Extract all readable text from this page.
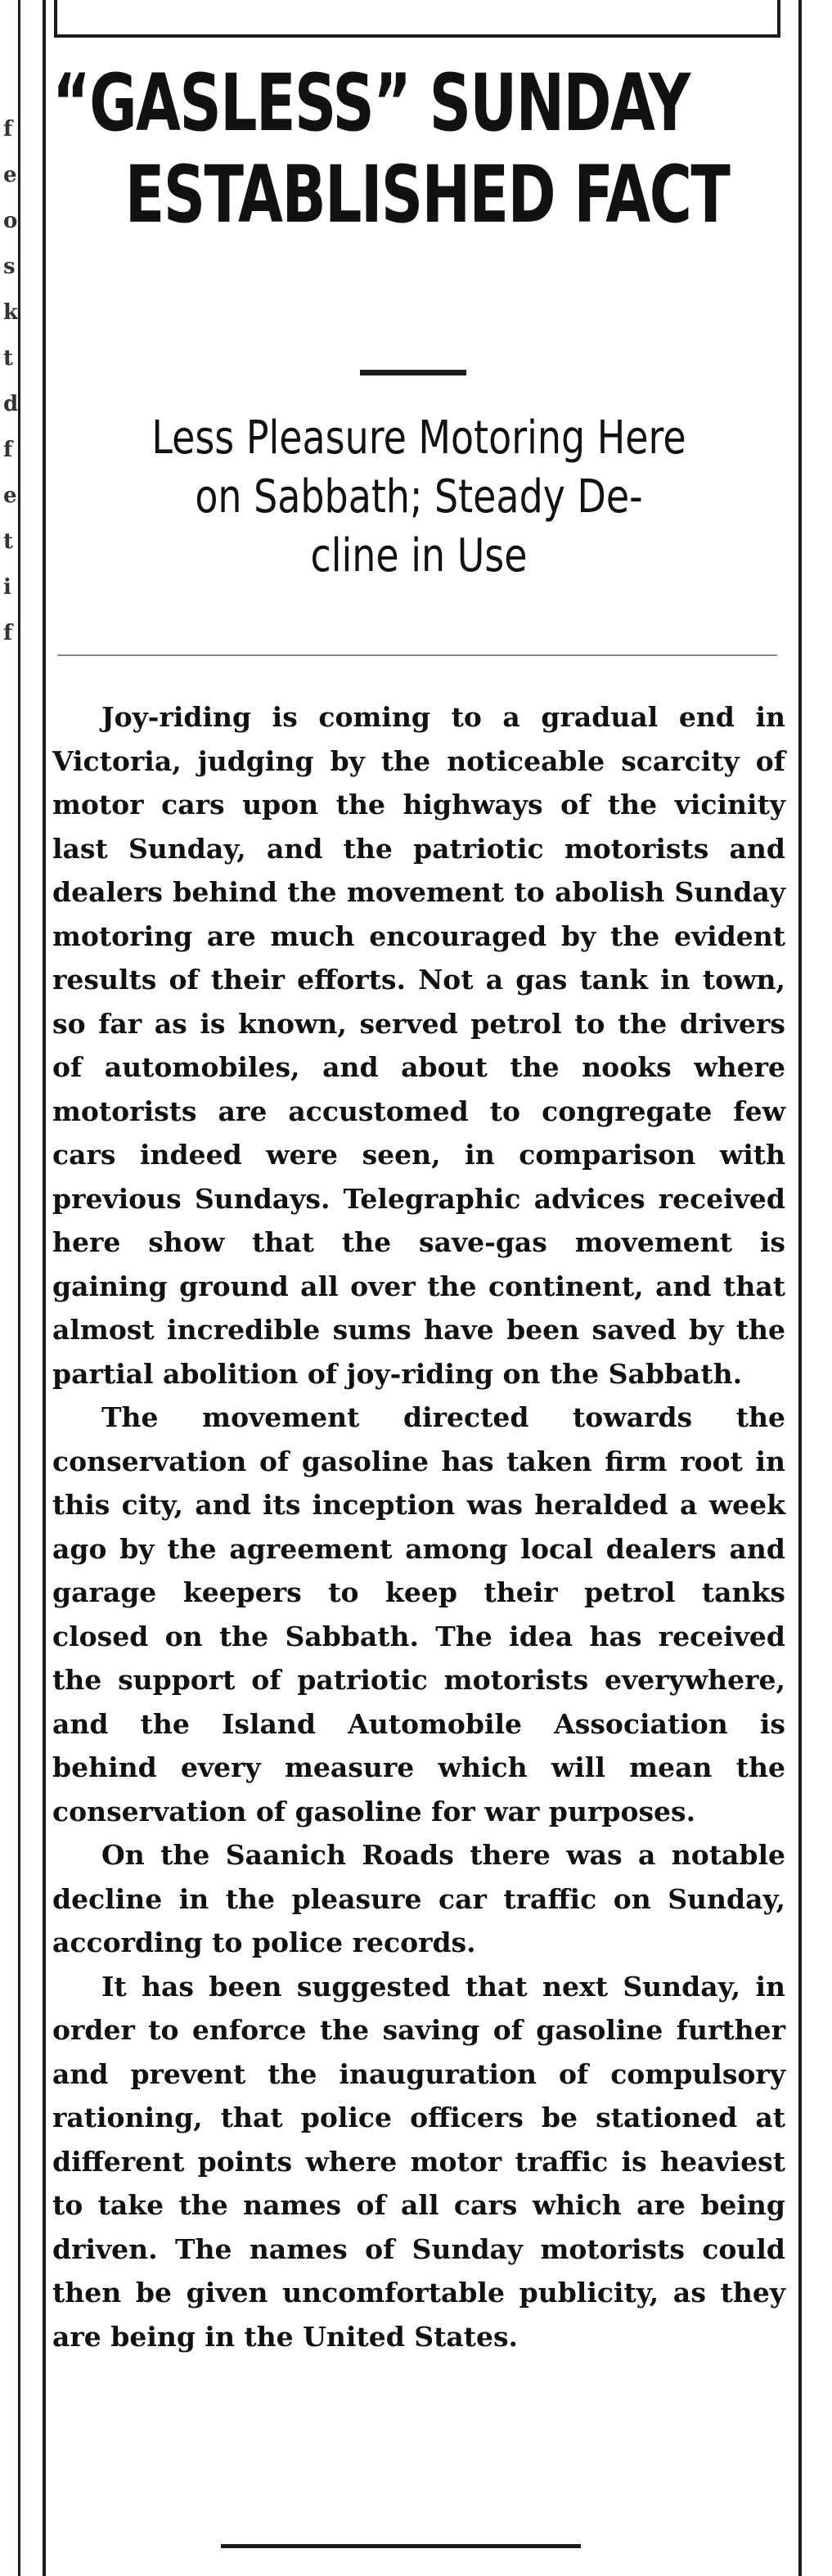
f
e
o
s
k
t
d
f
e
t
i
f
“GASLESS” SUNDAY
ESTABLISHED FACT
Less Pleasure Motoring Here
on Sabbath; Steady De-
cline in Use

Joy-riding is coming to a gradual end in Victoria, judging by the noticeable scarcity of motor cars upon the highways of the vicinity last Sunday, and the patriotic motorists and dealers behind the movement to abolish Sunday motoring are much encouraged by the evident results of their efforts. Not a gas tank in town, so far as is known, served petrol to the drivers of automobiles, and about the nooks where motorists are accustomed to congregate few cars indeed were seen, in comparison with previous Sundays. Telegraphic advices received here show that the save-gas movement is gaining ground all over the continent, and that almost incredible sums have been saved by the partial abolition of joy-riding on the Sabbath.

The movement directed towards the conservation of gasoline has taken firm root in this city, and its inception was heralded a week ago by the agreement among local dealers and garage keepers to keep their petrol tanks closed on the Sabbath. The idea has received the support of patriotic motorists everywhere, and the Island Automobile Association is behind every measure which will mean the conservation of gasoline for war purposes.

On the Saanich Roads there was a notable decline in the pleasure car traffic on Sunday, according to police records.

It has been suggested that next Sunday, in order to enforce the saving of gasoline further and prevent the inauguration of compulsory rationing, that police officers be stationed at different points where motor traffic is heaviest to take the names of all cars which are being driven. The names of Sunday motorists could then be given uncomfortable publicity, as they are being in the United States.
